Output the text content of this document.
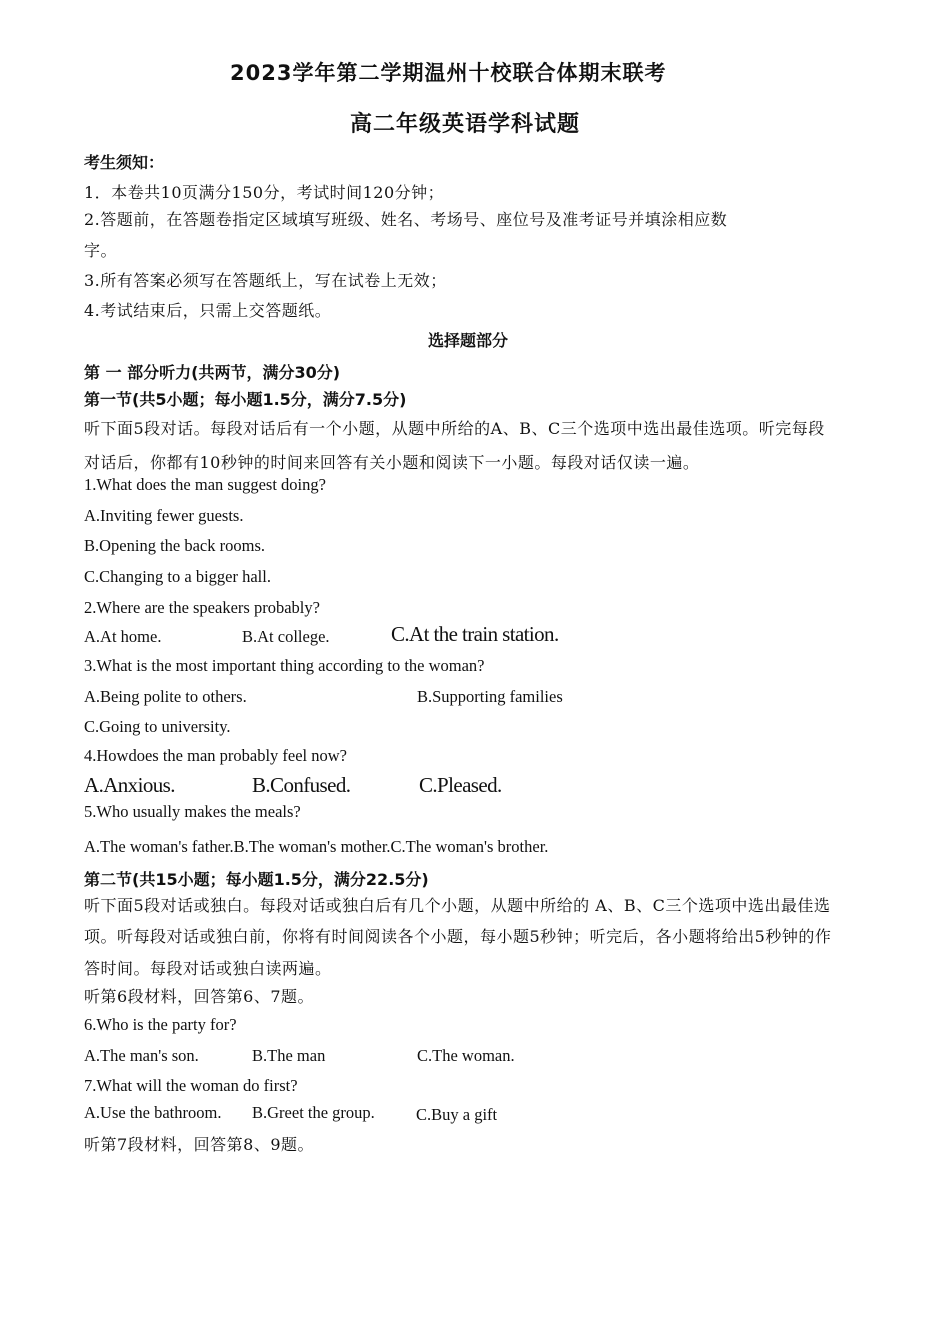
2023学年第二学期温州十校联合体期末联考
高二年级英语学科试题
考生须知：
1．本卷共10页满分150分，考试时间120分钟；
2.答题前，在答题卷指定区域填写班级、姓名、考场号、座位号及准考证号并填涂相应数
字。
3.所有答案必须写在答题纸上，写在试卷上无效；
4.考试结束后，只需上交答题纸。
选择题部分
第 一 部分听力(共两节，满分30分)
第一节(共5小题；每小题1.5分，满分7.5分)
听下面5段对话。每段对话后有一个小题，从题中所给的A、B、C三个选项中选出最佳选项。听完每段
对话后，你都有10秒钟的时间来回答有关小题和阅读下一小题。每段对话仅读一遍。
1.What does the man suggest doing?
A.Inviting fewer guests.
B.Opening the back rooms.
C.Changing to a bigger hall.
2.Where are the speakers probably?
A.At home.	B.At college.	C.At the train station.
3.What is the most important thing according to the woman?
A.Being polite to others.	B.Supporting families
C.Going to university.
4.Howdoes the man probably feel now?
A.Anxious.	B.Confused.	C.Pleased.
5.Who usually makes the meals?
A.The woman's father.B.The woman's mother.C.The woman's brother.
第二节(共15小题；每小题1.5分，满分22.5分)
听下面5段对话或独白。每段对话或独白后有几个小题，从题中所给的 A、B、C三个选项中选出最佳选
项。听每段对话或独白前，你将有时间阅读各个小题，每小题5秒钟；听完后，各小题将给出5秒钟的作
答时间。每段对话或独白读两遍。
听第6段材料，回答第6、7题。
6.Who is the party for?
A.The man's son.	B.The man	C.The woman.
7.What will the woman do first?
A.Use the bathroom. B.Greet the group. C.Buy a gift
听第7段材料，回答第8、9题。
